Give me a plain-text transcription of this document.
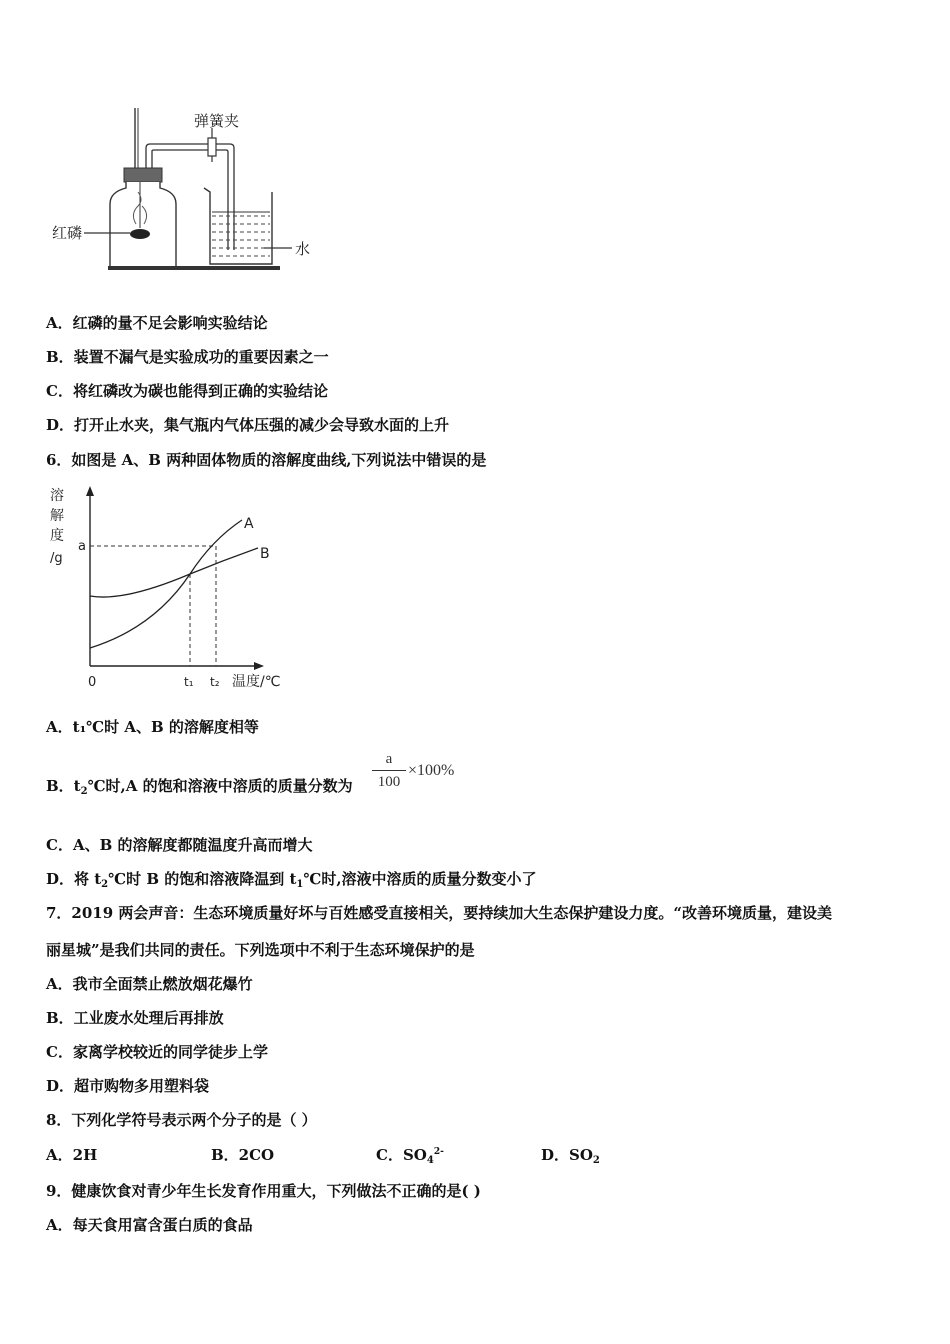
弹簧夹
红磷
水
A．红磷的量不足会影响实验结论
B．装置不漏气是实验成功的重要因素之一
C．将红磷改为碳也能得到正确的实验结论
D．打开止水夹，集气瓶内气体压强的减少会导致水面的上升
6．如图是 A、B 两种固体物质的溶解度曲线,下列说法中错误的是
溶
解
度
/g
a
A
B
0	t₁ t₂ 温度/℃
A．t₁℃时 A、B 的溶解度相等
B．$t_2℃$时,A 的饱和溶液中溶质的质量分数为
a
100
×100%
C．A、B 的溶解度都随温度升高而增大
D．将 $t_2℃$时 B 的饱和溶液降温到 $t_1℃$时,溶液中溶质的质量分数变小了
7．2019 两会声音：生态环境质量好坏与百姓感受直接相关，要持续加大生态保护建设力度。“改善环境质量，建设美
丽星城”是我们共同的责任。下列选项中不利于生态环境保护的是
A．我市全面禁止燃放烟花爆竹
B．工业废水处理后再排放
C．家离学校较近的同学徒步上学
D．超市购物多用塑料袋
8．下列化学符号表示两个分子的是（ ）
A．2H	B．2CO	C．$SO_4^{2-}$	D．$SO_2$
9．健康饮食对青少年生长发育作用重大，下列做法不正确的是( )
A．每天食用富含蛋白质的食品
